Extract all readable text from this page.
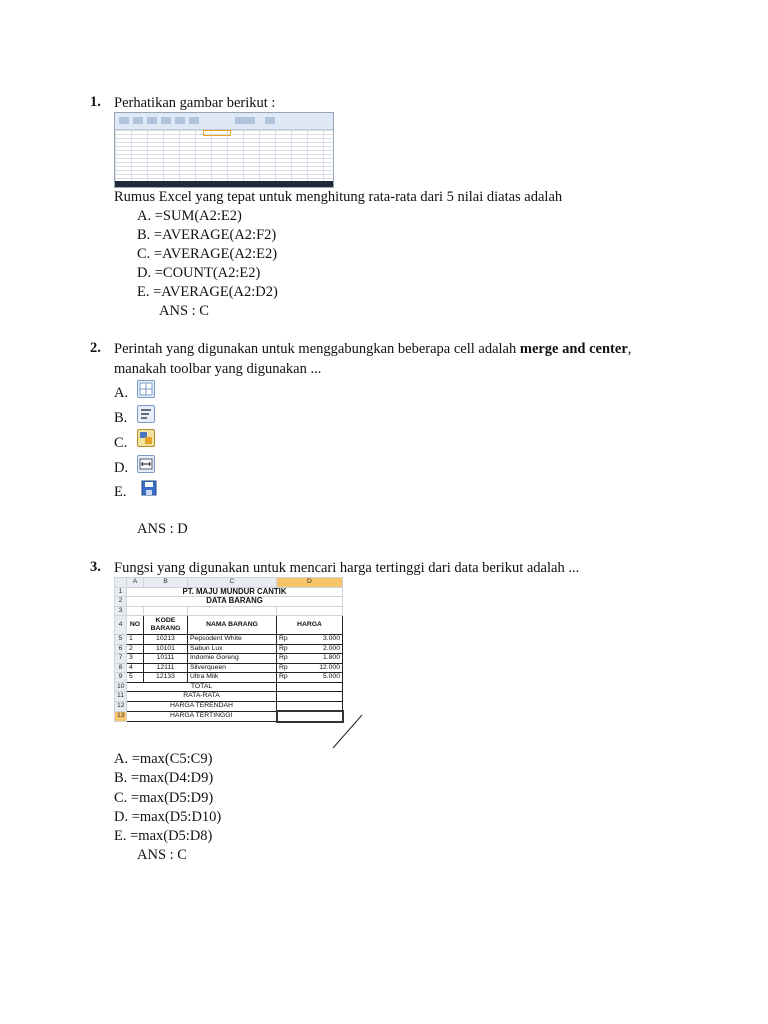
1. Perhatikan gambar berikut :
Rumus Excel yang tepat untuk menghitung rata-rata dari 5 nilai diatas adalah
A. =SUM(A2:E2)
B. =AVERAGE(A2:F2)
C. =AVERAGE(A2:E2)
D. =COUNT(A2:E2)
E. =AVERAGE(A2:D2)
ANS : C
2. Perintah yang digunakan untuk menggabungkan beberapa cell adalah merge and center,
manakah toolbar yang digunakan ...
A.
B.
C.
D.
E.
ANS : D
3. Fungsi yang digunakan untuk mencari harga tertinggi dari data berikut adalah ...
	A	B	C	D
1	PT. MAJU MUNDUR CANTIK			
2	DATA BARANG			
3				
4	NO	KODE
BARANG	NAMA BARANG	HARGA
5	1	10213	Pepsodent White	Rp 3.000

6	2	10101	Sabun Lux	Rp 2.000

7	3	10111	Indomie Goreng	Rp 1.800

8	4	12111	Silverqueen	Rp 12.000

9	5	12133	Ultra Milk	Rp 5.000

10	TOTAL			
11	RATA-RATA			
12	HARGA TERENDAH			
13	HARGA TERTINGGI			
A. =max(C5:C9)
B. =max(D4:D9)
C. =max(D5:D9)
D. =max(D5:D10)
E. =max(D5:D8)
ANS : C
